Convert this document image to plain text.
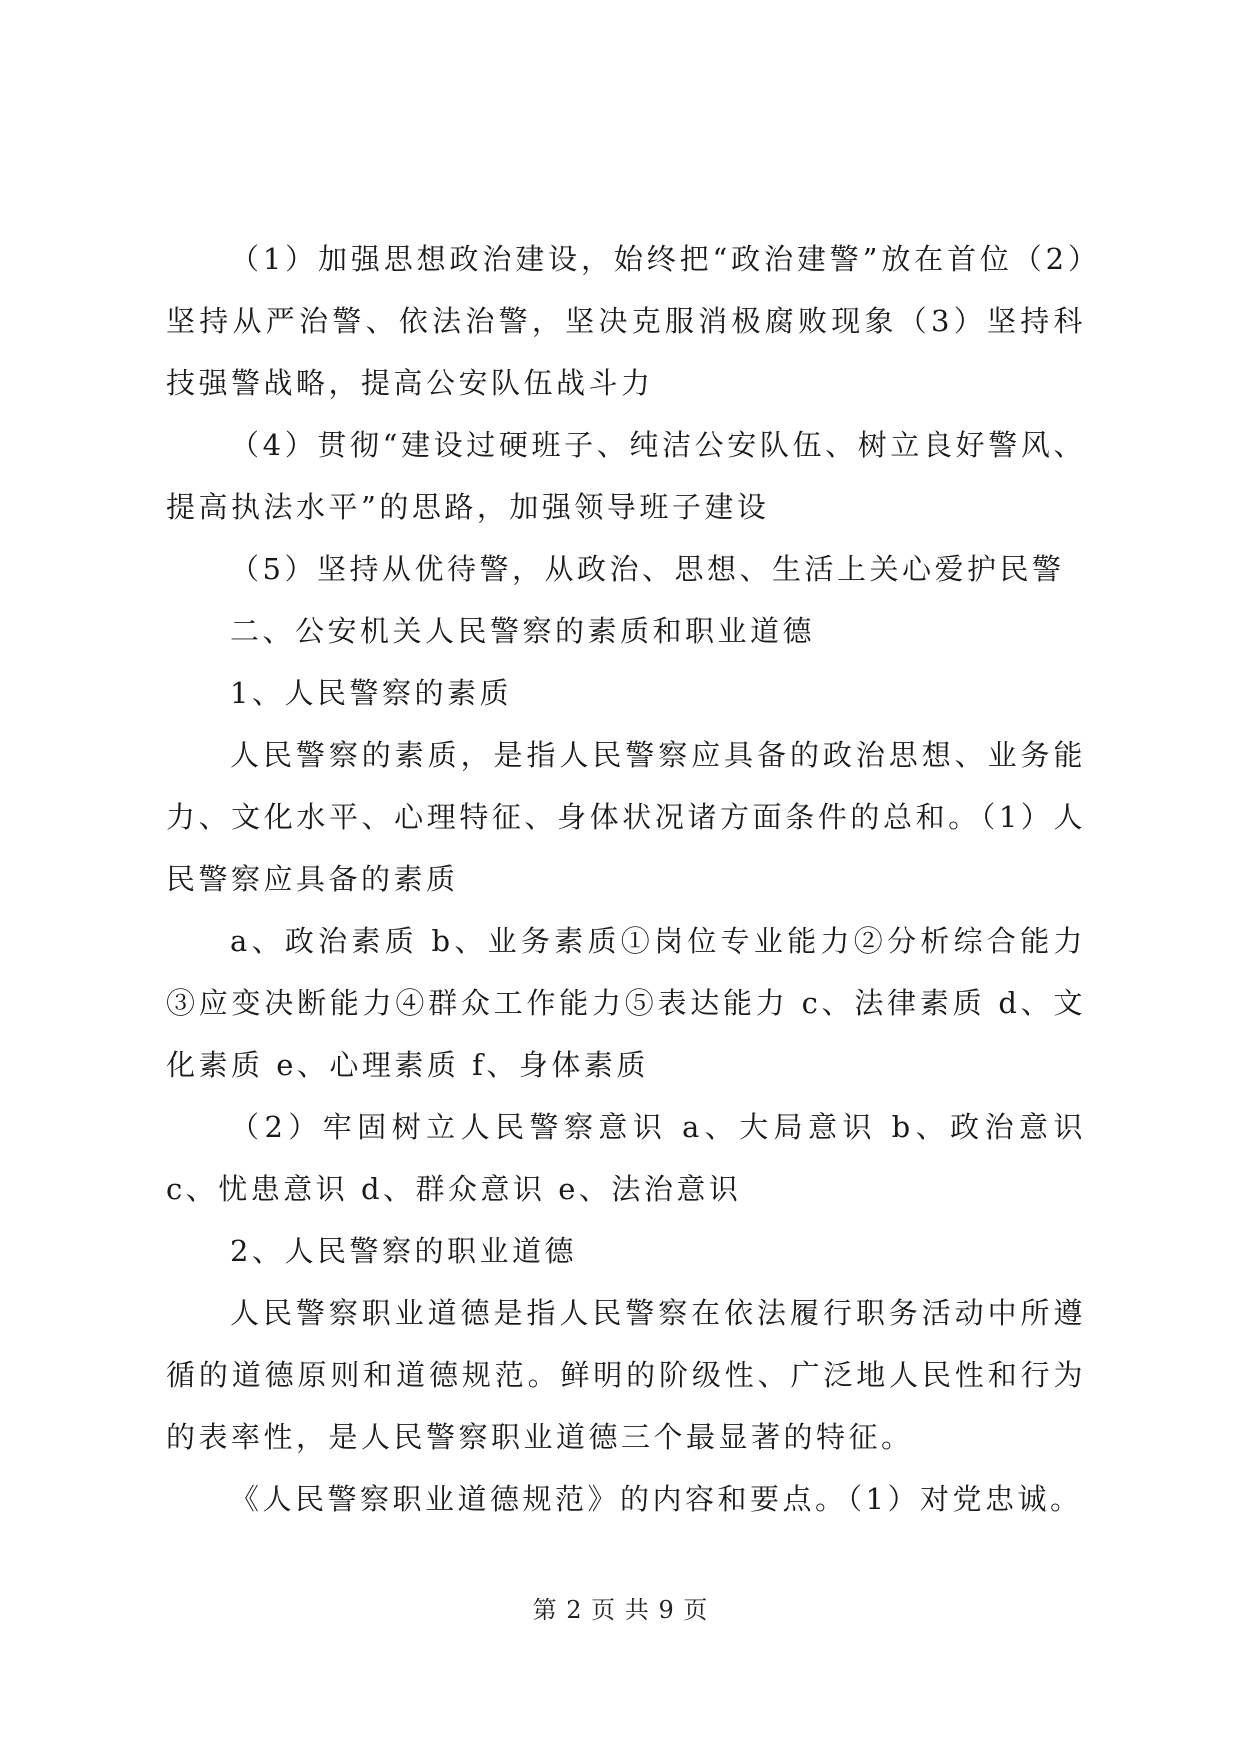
（1）加强思想政治建设，始终把“政治建警”放在首位（2）坚持从严治警、依法治警，坚决克服消极腐败现象（3）坚持科技强警战略，提高公安队伍战斗力

（4）贯彻“建设过硬班子、纯洁公安队伍、树立良好警风、提高执法水平”的思路，加强领导班子建设

（5）坚持从优待警，从政治、思想、生活上关心爱护民警

二、公安机关人民警察的素质和职业道德

1、人民警察的素质

人民警察的素质，是指人民警察应具备的政治思想、业务能力、文化水平、心理特征、身体状况诸方面条件的总和。（1）人民警察应具备的素质

a、政治素质 b、业务素质①岗位专业能力②分析综合能力③应变决断能力④群众工作能力⑤表达能力 c、法律素质 d、文化素质 e、心理素质 f、身体素质

（2）牢固树立人民警察意识 a、大局意识 b、政治意识 c、忧患意识 d、群众意识 e、法治意识

2、人民警察的职业道德

人民警察职业道德是指人民警察在依法履行职务活动中所遵循的道德原则和道德规范。鲜明的阶级性、广泛地人民性和行为的表率性，是人民警察职业道德三个最显著的特征。

《人民警察职业道德规范》的内容和要点。（1）对党忠诚。

第 2 页 共 9 页
